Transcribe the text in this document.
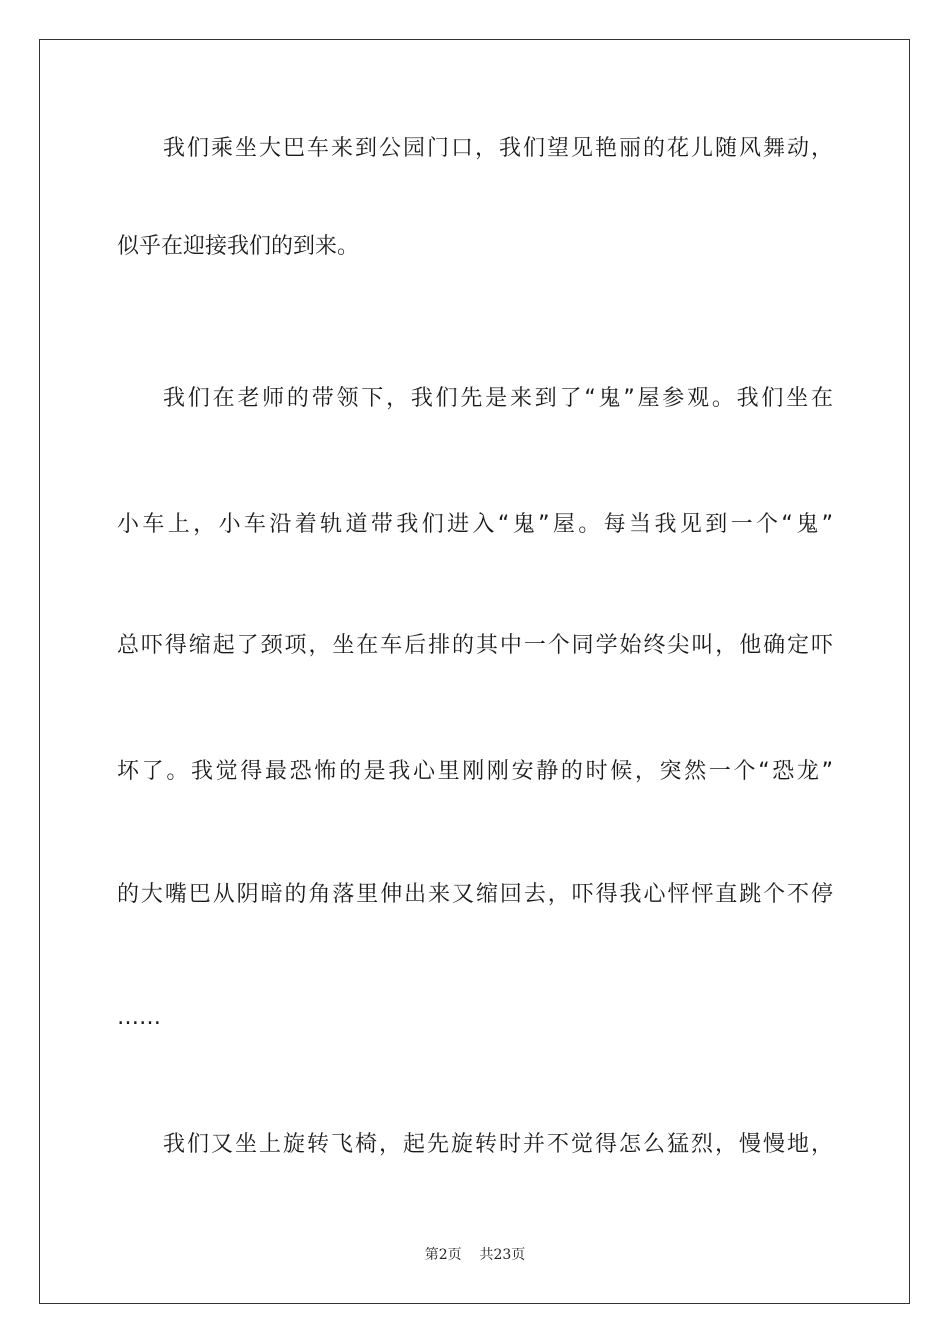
我们乘坐大巴车来到公园门口，我们望见艳丽的花儿随风舞动，
似乎在迎接我们的到来。
我们在老师的带领下，我们先是来到了“鬼”屋参观。我们坐在
小车上，小车沿着轨道带我们进入“鬼”屋。每当我见到一个“鬼”
总吓得缩起了颈项，坐在车后排的其中一个同学始终尖叫，他确定吓
坏了。我觉得最恐怖的是我心里刚刚安静的时候，突然一个“恐龙”
的大嘴巴从阴暗的角落里伸出来又缩回去，吓得我心怦怦直跳个不停
……
我们又坐上旋转飞椅，起先旋转时并不觉得怎么猛烈，慢慢地，
第2页 共23页
